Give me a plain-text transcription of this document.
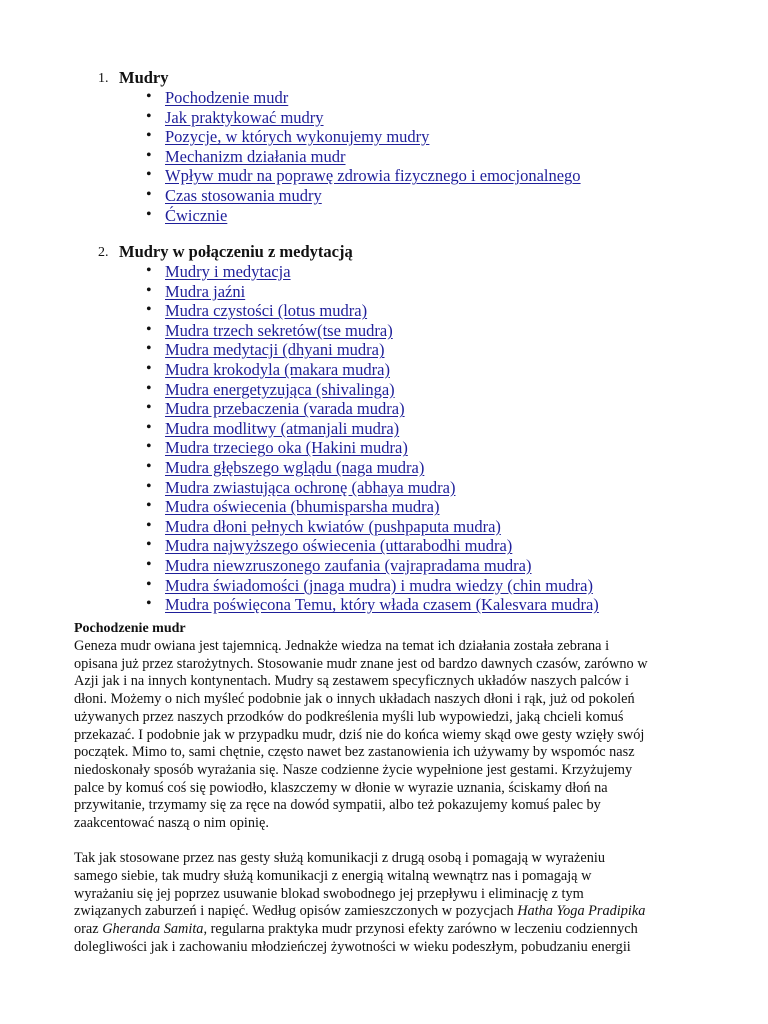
1. Mudry
• Pochodzenie mudr
• Jak praktykować mudry
• Pozycje, w których wykonujemy mudry
• Mechanizm działania mudr
• Wpływ mudr na poprawę zdrowia fizycznego i emocjonalnego
• Czas stosowania mudry
• Ćwicznie
2. Mudry w połączeniu z medytacją
• Mudry i medytacja
• Mudra jaźni
• Mudra czystości (lotus mudra)
• Mudra trzech sekretów(tse mudra)
• Mudra medytacji (dhyani mudra)
• Mudra krokodyla (makara mudra)
• Mudra energetyzująca (shivalinga)
• Mudra przebaczenia (varada mudra)
• Mudra modlitwy (atmanjali mudra)
• Mudra trzeciego oka (Hakini mudra)
• Mudra głębszego wglądu (naga mudra)
• Mudra zwiastująca ochronę (abhaya mudra)
• Mudra oświecenia (bhumisparsha mudra)
• Mudra dłoni pełnych kwiatów (pushpaputa mudra)
• Mudra najwyższego oświecenia (uttarabodhi mudra)
• Mudra niewzruszonego zaufania (vajrapradama mudra)
• Mudra świadomości (jnaga mudra) i mudra wiedzy (chin mudra)
• Mudra poświęcona Temu, który włada czasem (Kalesvara mudra)

Pochodzenie mudr

Geneza mudr owiana jest tajemnicą. Jednakże wiedza na temat ich działania została zebrana i
opisana już przez starożytnych. Stosowanie mudr znane jest od bardzo dawnych czasów, zarówno w
Azji jak i na innych kontynentach. Mudry są zestawem specyficznych układów naszych palców i
dłoni. Możemy o nich myśleć podobnie jak o innych układach naszych dłoni i rąk, już od pokoleń
używanych przez naszych przodków do podkreślenia myśli lub wypowiedzi, jaką chcieli komuś
przekazać. I podobnie jak w przypadku mudr, dziś nie do końca wiemy skąd owe gesty wzięły swój
początek. Mimo to, sami chętnie, często nawet bez zastanowienia ich używamy by wspomóc nasz
niedoskonały sposób wyrażania się. Nasze codzienne życie wypełnione jest gestami. Krzyżujemy
palce by komuś coś się powiodło, klaszczemy w dłonie w wyrazie uznania, ściskamy dłoń na
przywitanie, trzymamy się za ręce na dowód sympatii, albo też pokazujemy komuś palec by
zaakcentować naszą o nim opinię.

Tak jak stosowane przez nas gesty służą komunikacji z drugą osobą i pomagają w wyrażeniu
samego siebie, tak mudry służą komunikacji z energią witalną wewnątrz nas i pomagają w
wyrażaniu się jej poprzez usuwanie blokad swobodnego jej przepływu i eliminację z tym
związanych zaburzeń i napięć. Według opisów zamieszczonych w pozycjach Hatha Yoga Pradipika
oraz Gheranda Samita, regularna praktyka mudr przynosi efekty zarówno w leczeniu codziennych
dolegliwości jak i zachowaniu młodzieńczej żywotności w wieku podeszłym, pobudzaniu energii
